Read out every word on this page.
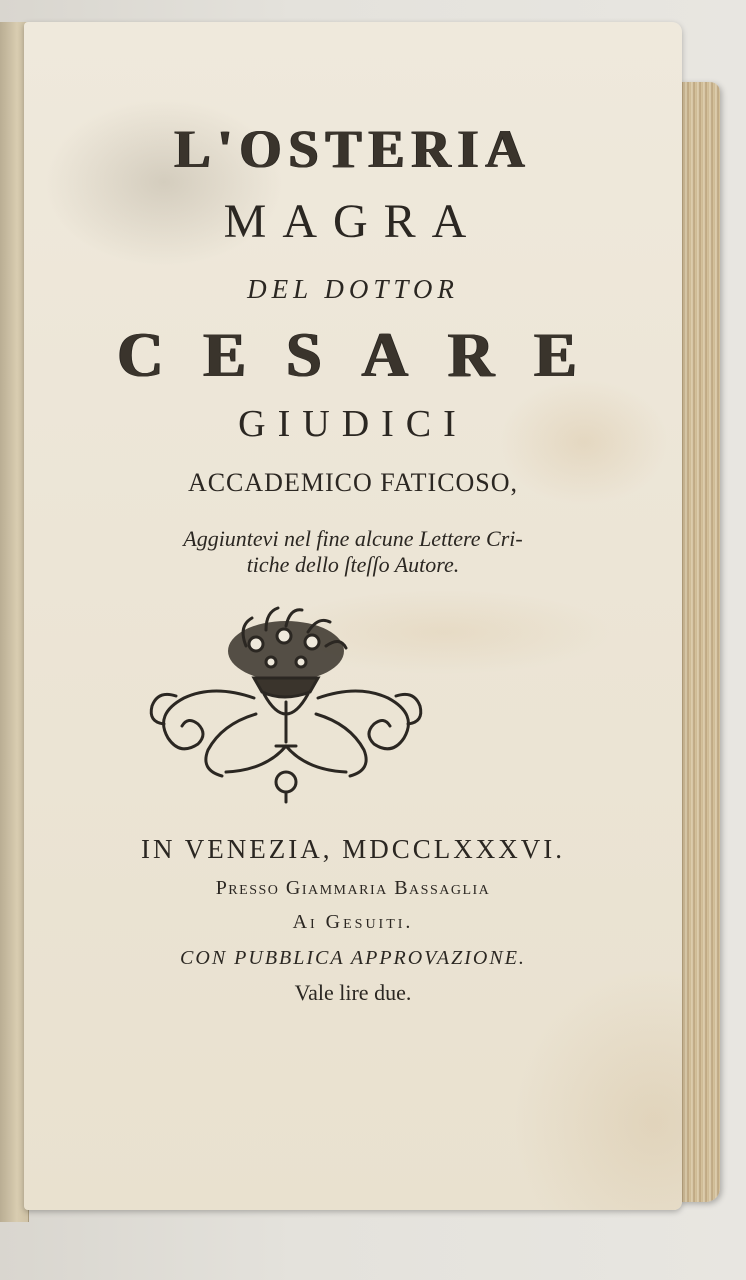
L'OSTERIA

MAGRA

DEL DOTTOR

CESARE

GIUDICI

ACCADEMICO FATICOSO,

Aggiuntevi nel fine alcune Lettere Cri-

tiche dello ſteſſo Autore.

IN VENEZIA, MDCCLXXXVI.

Presso Giammaria Bassaglia

Ai Gesuiti.

CON PUBBLICA APPROVAZIONE.

Vale lire due.
